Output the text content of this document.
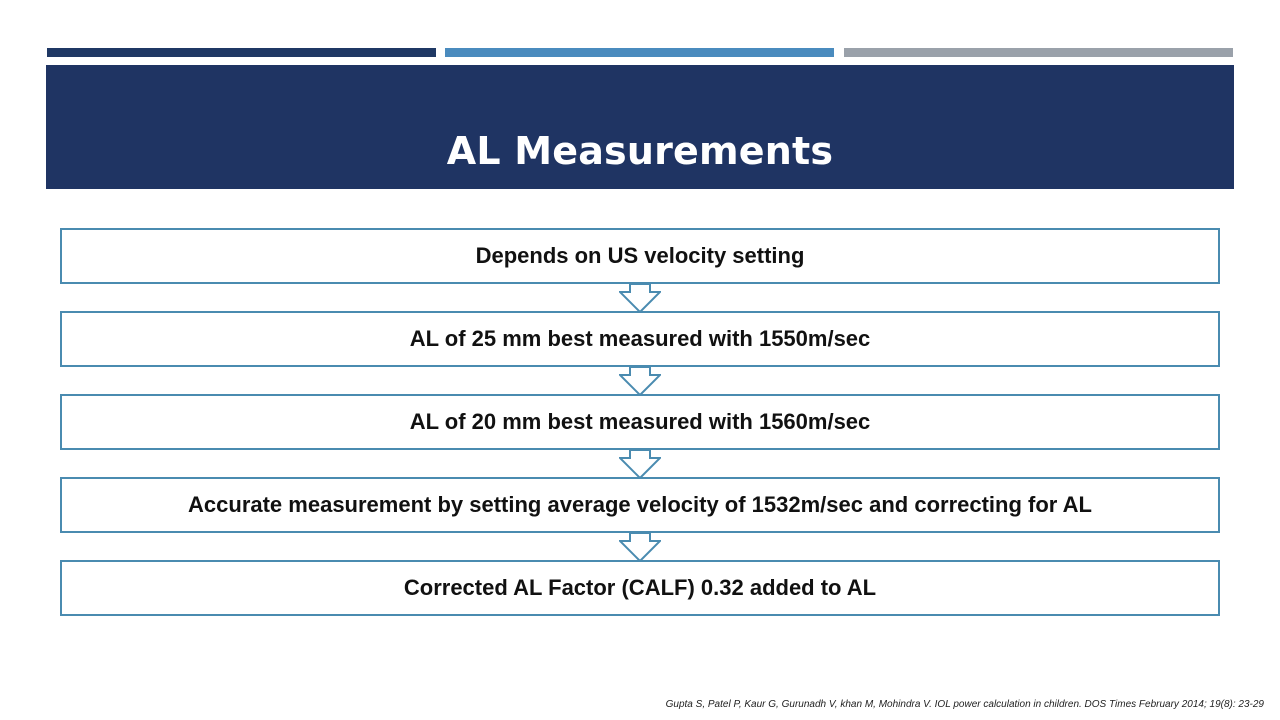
AL Measurements
Depends on US velocity setting
AL of 25 mm best measured with 1550m/sec
AL of 20 mm best measured with 1560m/sec
Accurate measurement by setting average velocity of 1532m/sec and correcting for AL
Corrected AL Factor (CALF) 0.32 added to AL
Gupta S, Patel P, Kaur G, Gurunadh V, khan M, Mohindra V. IOL power calculation in children. DOS Times February 2014; 19(8): 23-29
